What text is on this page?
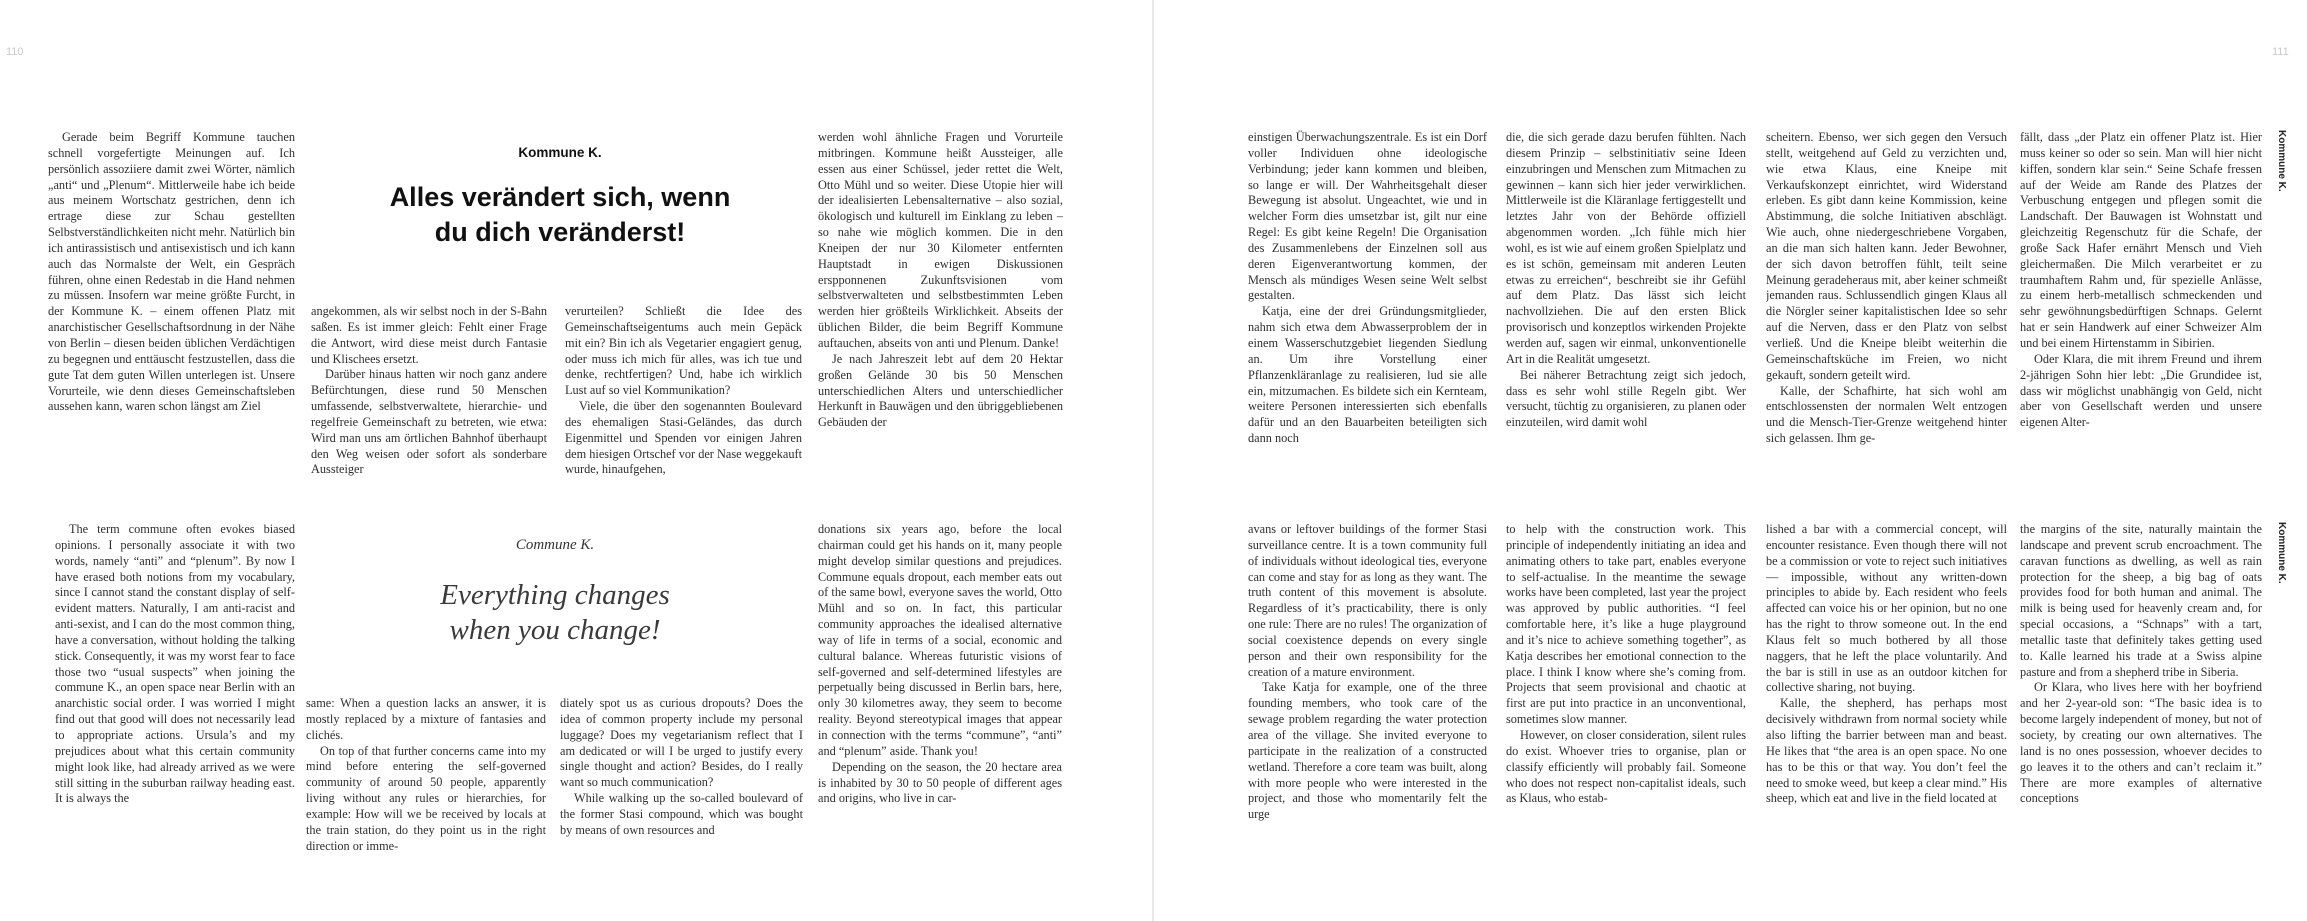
110

Gerade beim Begriff Kommune tauchen schnell vorgefertigte Meinungen auf. Ich persönlich assoziiere damit zwei Wörter, nämlich „anti“ und „Plenum“. Mittlerweile habe ich beide aus meinem Wortschatz gestrichen, denn ich ertrage diese zur Schau gestellten Selbstverständlichkeiten nicht mehr. Natürlich bin ich antirassistisch und antisexistisch und ich kann auch das Normalste der Welt, ein Gespräch führen, ohne einen Redestab in die Hand nehmen zu müssen. Insofern war meine größte Furcht, in der Kommune K. – einem offenen Platz mit anarchistischer Gesellschaftsordnung in der Nähe von Berlin – diesen beiden üblichen Verdächtigen zu begegnen und enttäuscht festzustellen, dass die gute Tat dem guten Willen unterlegen ist. Unsere Vorurteile, wie denn dieses Gemeinschaftsleben aussehen kann, waren schon längst am Ziel

Kommune K.
Alles verändert sich, wenn
du dich veränderst!

angekommen, als wir selbst noch in der S-Bahn saßen. Es ist immer gleich: Fehlt einer Frage die Antwort, wird diese meist durch Fantasie und Klischees ersetzt.

Darüber hinaus hatten wir noch ganz andere Befürchtungen, diese rund 50 Menschen umfassende, selbstverwaltete, hierarchie- und regelfreie Gemeinschaft zu betreten, wie etwa: Wird man uns am örtlichen Bahnhof überhaupt den Weg weisen oder sofort als sonderbare Aussteiger

verurteilen? Schließt die Idee des Gemeinschaftseigentums auch mein Gepäck mit ein? Bin ich als Vegetarier engagiert genug, oder muss ich mich für alles, was ich tue und denke, rechtfertigen? Und, habe ich wirklich Lust auf so viel Kommunikation?

Viele, die über den sogenannten Boulevard des ehemaligen Stasi-Geländes, das durch Eigenmittel und Spenden vor einigen Jahren dem hiesigen Ortschef vor der Nase weggekauft wurde, hinaufgehen,

werden wohl ähnliche Fragen und Vorurteile mitbringen. Kommune heißt Aussteiger, alle essen aus einer Schüssel, jeder rettet die Welt, Otto Mühl und so weiter. Diese Utopie hier will der idealisierten Lebensalternative – also sozial, ökologisch und kulturell im Einklang zu leben – so nahe wie möglich kommen. Die in den Kneipen der nur 30 Kilometer entfernten Hauptstadt in ewigen Diskussionen erspponnenen Zukunftsvisionen vom selbstverwalteten und selbstbestimmten Leben werden hier größteils Wirklichkeit. Abseits der üblichen Bilder, die beim Begriff Kommune auftauchen, abseits von anti und Plenum. Danke!

Je nach Jahreszeit lebt auf dem 20 Hektar großen Gelände 30 bis 50 Menschen unterschiedlichen Alters und unterschiedlicher Herkunft in Bauwägen und den übriggebliebenen Gebäuden der

The term commune often evokes biased opinions. I personally associate it with two words, namely “anti” and “plenum”. By now I have erased both notions from my vocabulary, since I cannot stand the constant display of self-evident matters. Naturally, I am anti-racist and anti-sexist, and I can do the most common thing, have a conversation, without holding the talking stick. Consequently, it was my worst fear to face those two “usual suspects” when joining the commune K., an open space near Berlin with an anarchistic social order. I was worried I might find out that good will does not necessarily lead to appropriate actions. Ursula’s and my prejudices about what this certain community might look like, had already arrived as we were still sitting in the suburban railway heading east. It is always the

Commune K.
Everything changes
when you change!

same: When a question lacks an answer, it is mostly replaced by a mixture of fantasies and clichés.

On top of that further concerns came into my mind before entering the self-governed community of around 50 people, apparently living without any rules or hierarchies, for example: How will we be received by locals at the train station, do they point us in the right direction or imme-

diately spot us as curious dropouts? Does the idea of common property include my personal luggage? Does my vegetarianism reflect that I am dedicated or will I be urged to justify every single thought and action? Besides, do I really want so much communication?

While walking up the so-called boulevard of the former Stasi compound, which was bought by means of own resources and

donations six years ago, before the local chairman could get his hands on it, many people might develop similar questions and prejudices. Commune equals dropout, each member eats out of the same bowl, everyone saves the world, Otto Mühl and so on. In fact, this particular community approaches the idealised alternative way of life in terms of a social, economic and cultural balance. Whereas futuristic visions of self-governed and self-determined lifestyles are perpetually being discussed in Berlin bars, here, only 30 kilometres away, they seem to become reality. Beyond stereotypical images that appear in connection with the terms “commune”, “anti” and “plenum” aside. Thank you!

Depending on the season, the 20 hectare area is inhabited by 30 to 50 people of different ages and origins, who live in car-

111

einstigen Überwachungszentrale. Es ist ein Dorf voller Individuen ohne ideologische Verbindung; jeder kann kommen und bleiben, so lange er will. Der Wahrheitsgehalt dieser Bewegung ist absolut. Ungeachtet, wie und in welcher Form dies umsetzbar ist, gilt nur eine Regel: Es gibt keine Regeln! Die Organisation des Zusammenlebens der Einzelnen soll aus deren Eigenverantwortung kommen, der Mensch als mündiges Wesen seine Welt selbst gestalten.

Katja, eine der drei Gründungsmitglieder, nahm sich etwa dem Abwasserproblem der in einem Wasserschutzgebiet liegenden Siedlung an. Um ihre Vorstellung einer Pflanzenkläranlage zu realisieren, lud sie alle ein, mitzumachen. Es bildete sich ein Kernteam, weitere Personen interessierten sich ebenfalls dafür und an den Bauarbeiten beteiligten sich dann noch

die, die sich gerade dazu berufen fühlten. Nach diesem Prinzip – selbstinitiativ seine Ideen einzubringen und Menschen zum Mitmachen zu gewinnen – kann sich hier jeder verwirklichen. Mittlerweile ist die Kläranlage fertiggestellt und letztes Jahr von der Behörde offiziell abgenommen worden. „Ich fühle mich hier wohl, es ist wie auf einem großen Spielplatz und es ist schön, gemeinsam mit anderen Leuten etwas zu erreichen“, beschreibt sie ihr Gefühl auf dem Platz. Das lässt sich leicht nachvollziehen. Die auf den ersten Blick provisorisch und konzeptlos wirkenden Projekte werden auf, sagen wir einmal, unkonventionelle Art in die Realität umgesetzt.

Bei näherer Betrachtung zeigt sich jedoch, dass es sehr wohl stille Regeln gibt. Wer versucht, tüchtig zu organisieren, zu planen oder einzuteilen, wird damit wohl

scheitern. Ebenso, wer sich gegen den Versuch stellt, weitgehend auf Geld zu verzichten und, wie etwa Klaus, eine Kneipe mit Verkaufskonzept einrichtet, wird Widerstand erleben. Es gibt dann keine Kommission, keine Abstimmung, die solche Initiativen abschlägt. Wie auch, ohne niedergeschriebene Vorgaben, an die man sich halten kann. Jeder Bewohner, der sich davon betroffen fühlt, teilt seine Meinung geradeheraus mit, aber keiner schmeißt jemanden raus. Schlussendlich gingen Klaus all die Nörgler seiner kapitalistischen Idee so sehr auf die Nerven, dass er den Platz von selbst verließ. Und die Kneipe bleibt weiterhin die Gemeinschaftsküche im Freien, wo nicht gekauft, sondern geteilt wird.

Kalle, der Schafhirte, hat sich wohl am entschlossensten der normalen Welt entzogen und die Mensch-Tier-Grenze weitgehend hinter sich gelassen. Ihm ge-

fällt, dass „der Platz ein offener Platz ist. Hier muss keiner so oder so sein. Man will hier nicht kiffen, sondern klar sein.“ Seine Schafe fressen auf der Weide am Rande des Platzes der Verbuschung entgegen und pflegen somit die Landschaft. Der Bauwagen ist Wohnstatt und gleichzeitig Regenschutz für die Schafe, der große Sack Hafer ernährt Mensch und Vieh gleichermaßen. Die Milch verarbeitet er zu traumhaftem Rahm und, für spezielle Anlässe, zu einem herb-metallisch schmeckenden und sehr gewöhnungsbedürftigen Schnaps. Gelernt hat er sein Handwerk auf einer Schweizer Alm und bei einem Hirtenstamm in Sibirien.

Oder Klara, die mit ihrem Freund und ihrem 2-jährigen Sohn hier lebt: „Die Grundidee ist, dass wir möglichst unabhängig von Geld, nicht aber von Gesellschaft werden und unsere eigenen Alter-

Kommune K.

avans or leftover buildings of the former Stasi surveillance centre. It is a town community full of individuals without ideological ties, everyone can come and stay for as long as they want. The truth content of this movement is absolute. Regardless of it’s practicability, there is only one rule: There are no rules! The organization of social coexistence depends on every single person and their own responsibility for the creation of a mature environment.

Take Katja for example, one of the three founding members, who took care of the sewage problem regarding the water protection area of the village. She invited everyone to participate in the realization of a constructed wetland. Therefore a core team was built, along with more people who were interested in the project, and those who momentarily felt the urge

to help with the construction work. This principle of independently initiating an idea and animating others to take part, enables everyone to self-actualise. In the meantime the sewage works have been completed, last year the project was approved by public authorities. “I feel comfortable here, it’s like a huge playground and it’s nice to achieve something together”, as Katja describes her emotional connection to the place. I think I know where she’s coming from. Projects that seem provisional and chaotic at first are put into practice in an unconventional, sometimes slow manner.

However, on closer consideration, silent rules do exist. Whoever tries to organise, plan or classify efficiently will probably fail. Someone who does not respect non-capitalist ideals, such as Klaus, who estab-

lished a bar with a commercial concept, will encounter resistance. Even though there will not be a commission or vote to reject such initiatives — impossible, without any written-down principles to abide by. Each resident who feels affected can voice his or her opinion, but no one has the right to throw someone out. In the end Klaus felt so much bothered by all those naggers, that he left the place voluntarily. And the bar is still in use as an outdoor kitchen for collective sharing, not buying.

Kalle, the shepherd, has perhaps most decisively withdrawn from normal society while also lifting the barrier between man and beast. He likes that “the area is an open space. No one has to be this or that way. You don’t feel the need to smoke weed, but keep a clear mind.” His sheep, which eat and live in the field located at

the margins of the site, naturally maintain the landscape and prevent scrub encroachment. The caravan functions as dwelling, as well as rain protection for the sheep, a big bag of oats provides food for both human and animal. The milk is being used for heavenly cream and, for special occasions, a “Schnaps” with a tart, metallic taste that definitely takes getting used to. Kalle learned his trade at a Swiss alpine pasture and from a shepherd tribe in Siberia.

Or Klara, who lives here with her boyfriend and her 2-year-old son: “The basic idea is to become largely independent of money, but not of society, by creating our own alternatives. The land is no ones possession, whoever decides to go leaves it to the others and can’t reclaim it.” There are more examples of alternative conceptions

Kommune K.
